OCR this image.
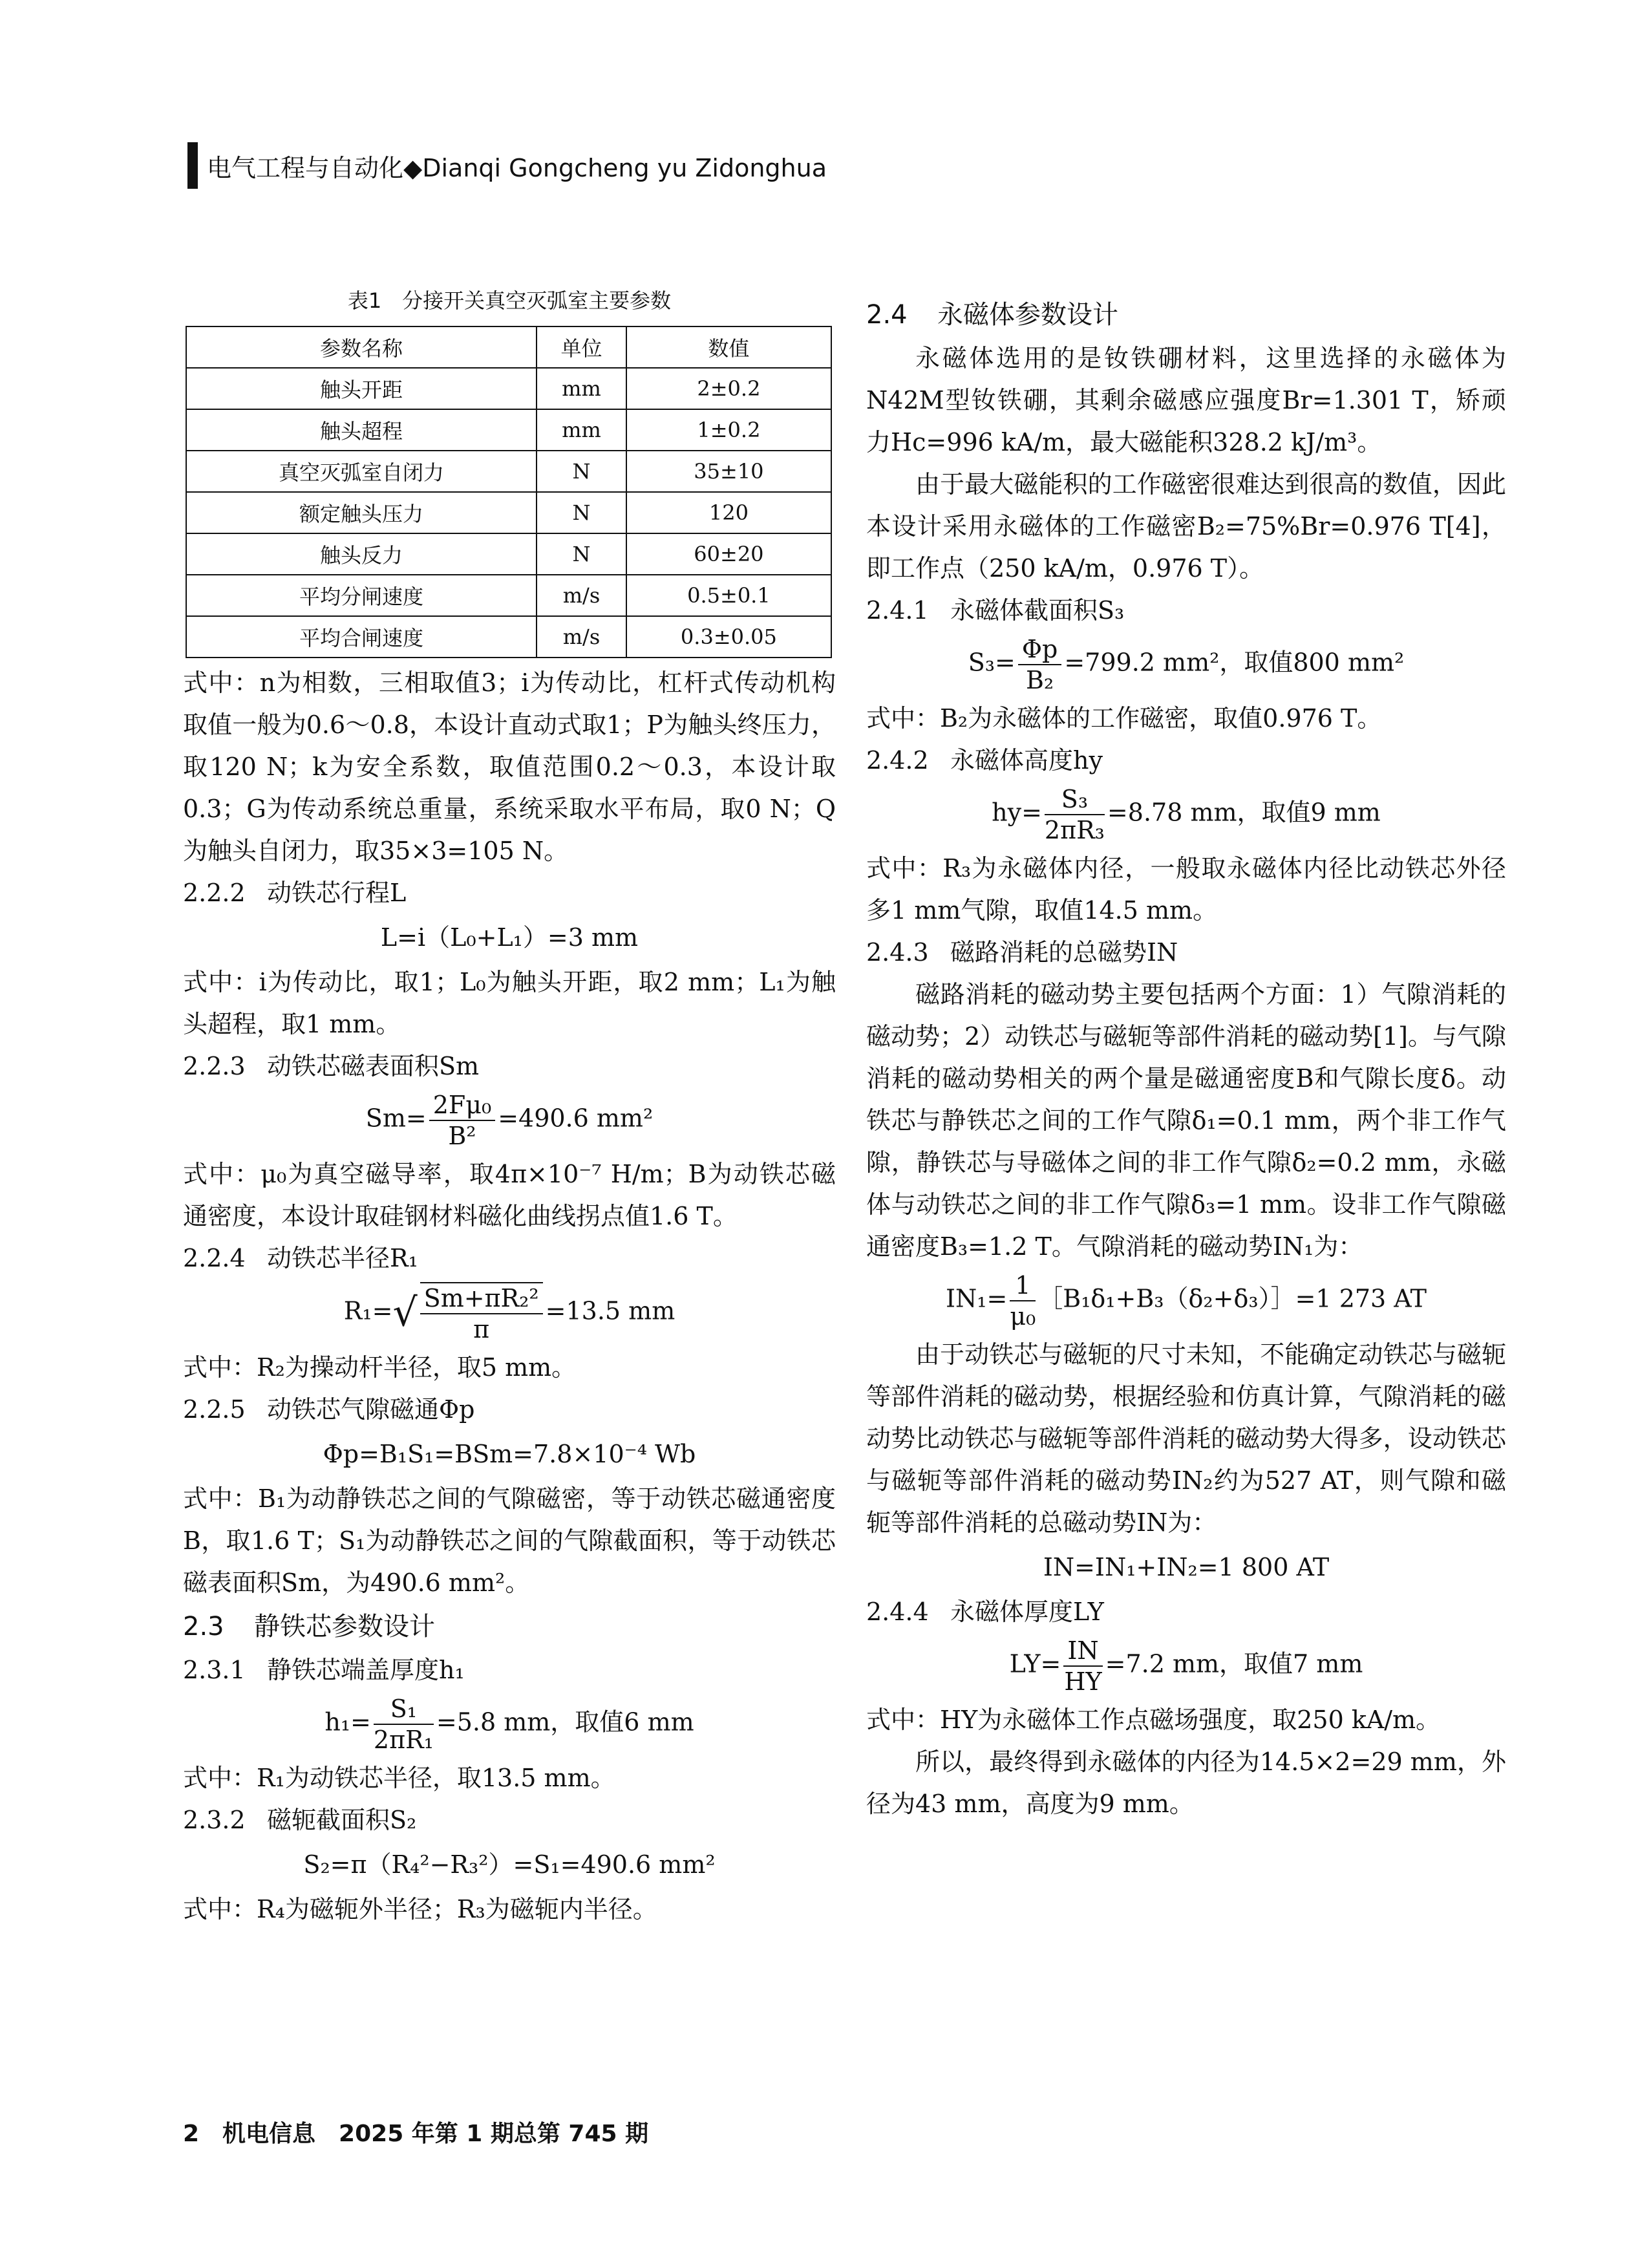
电气工程与自动化◆Dianqi Gongcheng yu Zidonghua

表1　分接开关真空灭弧室主要参数

参数名称	单位	数值
触头开距	mm	2±0.2
触头超程	mm	1±0.2
真空灭弧室自闭力	N	35±10
额定触头压力	N	120
触头反力	N	60±20
平均分闸速度	m/s	0.5±0.1
平均合闸速度	m/s	0.3±0.05

式中：n为相数，三相取值3；i为传动比，杠杆式传动机构取值一般为0.6～0.8，本设计直动式取1；P为触头终压力，取120 N；k为安全系数，取值范围0.2～0.3，本设计取0.3；G为传动系统总重量，系统采取水平布局，取0 N；Q为触头自闭力，取35×3=105 N。

2.2.2 动铁芯行程L

L=i（L₀+L₁）=3 mm

式中：i为传动比，取1；L₀为触头开距，取2 mm；L₁为触头超程，取1 mm。

2.2.3 动铁芯磁表面积Sm

$Sm= \frac{\text{2Fμ₀}}{\text{B²}} =490.6$ mm²

式中：μ₀为真空磁导率，取4π×10⁻⁷ H/m；B为动铁芯磁通密度，本设计取硅钢材料磁化曲线拐点值1.6 T。

2.2.4 动铁芯半径R₁

$R_1=√ \frac{\text{Sm+πR₂²}}{\pi} =13.5$ mm

式中：R₂为操动杆半径，取5 mm。

2.2.5 动铁芯气隙磁通Φp

Φp=B₁S₁=BSm=7.8×10⁻⁴ Wb

式中：B₁为动静铁芯之间的气隙磁密，等于动铁芯磁通密度B，取1.6 T；S₁为动静铁芯之间的气隙截面积，等于动铁芯磁表面积Sm，为490.6 mm²。

2.3 静铁芯参数设计

2.3.1 静铁芯端盖厚度h₁

$h_1= \frac{\text{S₁}}{\text{2πR₁}} =5.8$ mm，取值6 mm

式中：R₁为动铁芯半径，取13.5 mm。

2.3.2 磁轭截面积S₂

S₂=π（R₄²−R₃²）=S₁=490.6 mm²

式中：R₄为磁轭外半径；R₃为磁轭内半径。

2.4 永磁体参数设计

永磁体选用的是钕铁硼材料，这里选择的永磁体为N42M型钕铁硼，其剩余磁感应强度Br=1.301 T，矫顽力Hc=996 kA/m，最大磁能积328.2 kJ/m³。

由于最大磁能积的工作磁密很难达到很高的数值，因此本设计采用永磁体的工作磁密B₂=75%Br=0.976 T[4]，即工作点（250 kA/m，0.976 T）。

2.4.1 永磁体截面积S₃

$S_3= \frac{\Phi p}{\text{B₂}} =799.2$ mm²，取值800 mm²

式中：B₂为永磁体的工作磁密，取值0.976 T。

2.4.2 永磁体高度hy

$hy= \frac{\text{S₃}}{\text{2πR₃}} =8.78$ mm，取值9 mm

式中：R₃为永磁体内径，一般取永磁体内径比动铁芯外径多1 mm气隙，取值14.5 mm。

2.4.3 磁路消耗的总磁势IN

磁路消耗的磁动势主要包括两个方面：1）气隙消耗的磁动势；2）动铁芯与磁轭等部件消耗的磁动势[1]。与气隙消耗的磁动势相关的两个量是磁通密度B和气隙长度δ。动铁芯与静铁芯之间的工作气隙δ₁=0.1 mm，两个非工作气隙，静铁芯与导磁体之间的非工作气隙δ₂=0.2 mm，永磁体与动铁芯之间的非工作气隙δ₃=1 mm。设非工作气隙磁通密度B₃=1.2 T。气隙消耗的磁动势IN₁为：

$IN_1= \frac{1}{\text{μ₀}}$ ［B₁δ₁+B₃（δ₂+δ₃）］=1 273 AT

由于动铁芯与磁轭的尺寸未知，不能确定动铁芯与磁轭等部件消耗的磁动势，根据经验和仿真计算，气隙消耗的磁动势比动铁芯与磁轭等部件消耗的磁动势大得多，设动铁芯与磁轭等部件消耗的磁动势IN₂约为527 AT，则气隙和磁轭等部件消耗的总磁动势IN为：

IN=IN₁+IN₂=1 800 AT

2.4.4 永磁体厚度LY

$LY= \frac{IN}{HY} =7.2$ mm，取值7 mm

式中：HY为永磁体工作点磁场强度，取250 kA/m。

所以，最终得到永磁体的内径为14.5×2=29 mm，外径为43 mm，高度为9 mm。

2　机电信息　2025 年第 1 期总第 745 期
